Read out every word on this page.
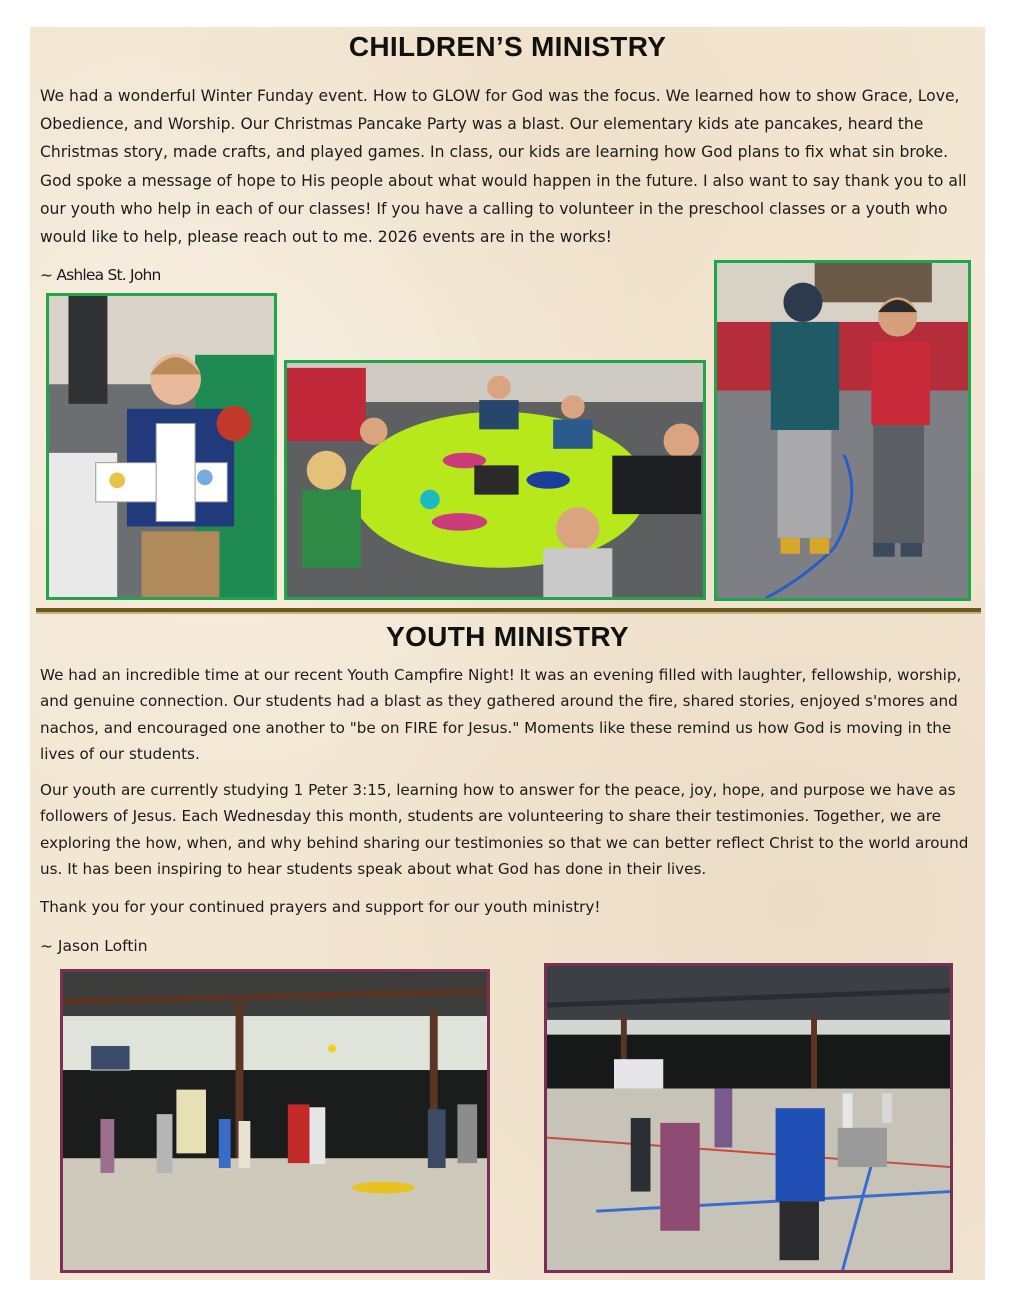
CHILDREN’S MINISTRY

We had a wonderful Winter Funday event. How to GLOW for God was the focus. We learned how to show Grace, Love, Obedience, and Worship. Our Christmas Pancake Party was a blast. Our elementary kids ate pancakes, heard the Christmas story, made crafts, and played games. In class, our kids are learning how God plans to fix what sin broke. God spoke a message of hope to His people about what would happen in the future. I also want to say thank you to all our youth who help in each of our classes! If you have a calling to volunteer in the preschool classes or a youth who would like to help, please reach out to me. 2026 events are in the works!

~ Ashlea St. John

YOUTH MINISTRY

We had an incredible time at our recent Youth Campfire Night! It was an evening filled with laughter, fellowship, worship, and genuine connection. Our students had a blast as they gathered around the fire, shared stories, enjoyed s'mores and nachos, and encouraged one another to "be on FIRE for Jesus." Moments like these remind us how God is moving in the lives of our students.

Our youth are currently studying 1 Peter 3:15, learning how to answer for the peace, joy, hope, and purpose we have as followers of Jesus. Each Wednesday this month, students are volunteering to share their testimonies. Together, we are exploring the how, when, and why behind sharing our testimonies so that we can better reflect Christ to the world around us. It has been inspiring to hear students speak about what God has done in their lives.

Thank you for your continued prayers and support for our youth ministry!

~ Jason Loftin
